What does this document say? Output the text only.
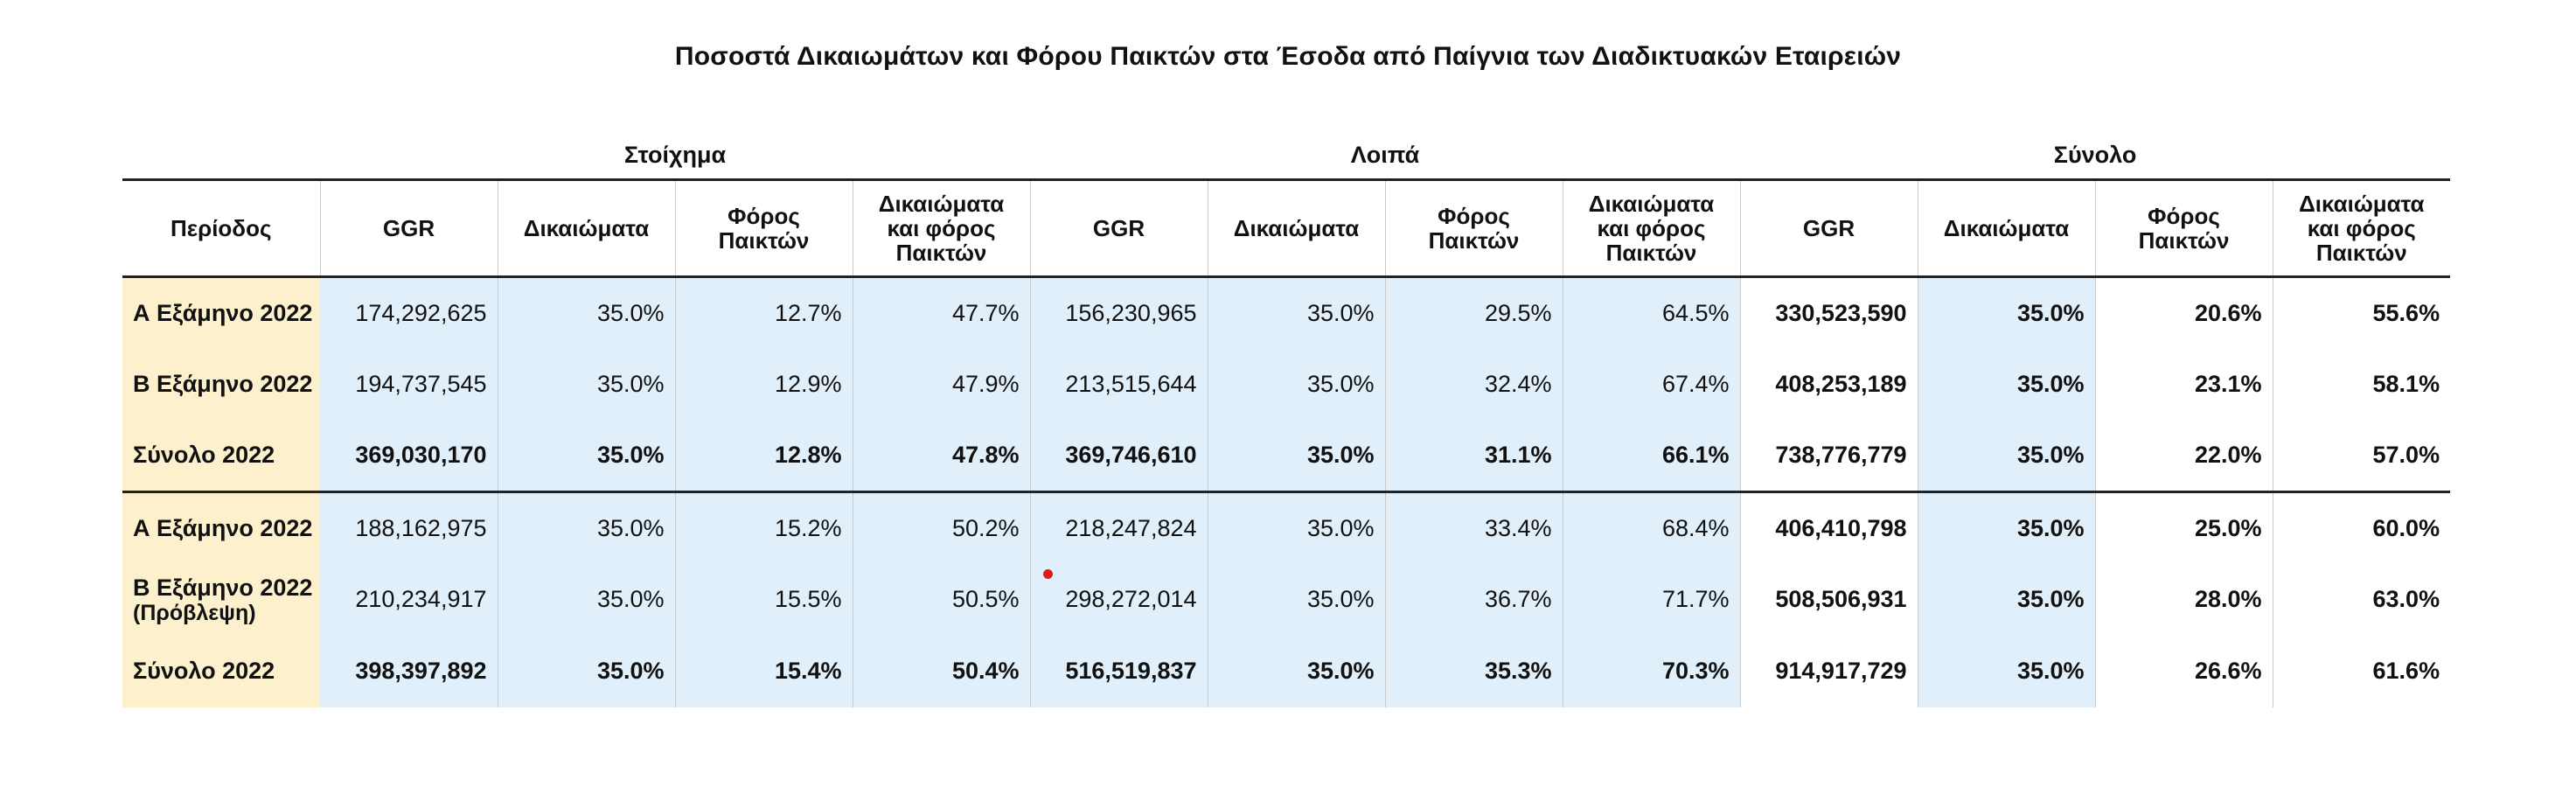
Ποσοστά Δικαιωμάτων και Φόρου Παικτών στα Έσοδα από Παίγνια των Διαδικτυακών Εταιρειών
	Στοίχημα				Λοιπά				Σύνολο			
Περίοδος	GGR	Δικαιώματα	Φόρος Παικτών	Δικαιώματα και φόρος Παικτών	GGR	Δικαιώματα	Φόρος Παικτών	Δικαιώματα και φόρος Παικτών	GGR	Δικαιώματα	Φόρος Παικτών	Δικαιώματα και φόρος Παικτών
Α Εξάμηνο 2022	174,292,625	35.0%	12.7%	47.7%	156,230,965	35.0%	29.5%	64.5%	330,523,590	35.0%	20.6%	55.6%
Β Εξάμηνο 2022	194,737,545	35.0%	12.9%	47.9%	213,515,644	35.0%	32.4%	67.4%	408,253,189	35.0%	23.1%	58.1%
Σύνολο 2022	369,030,170	35.0%	12.8%	47.8%	369,746,610	35.0%	31.1%	66.1%	738,776,779	35.0%	22.0%	57.0%
Α Εξάμηνο 2022	188,162,975	35.0%	15.2%	50.2%	218,247,824	35.0%	33.4%	68.4%	406,410,798	35.0%	25.0%	60.0%
Β Εξάμηνο 2022
(Πρόβλεψη)	210,234,917	35.0%	15.5%	50.5%	298,272,014	35.0%	36.7%	71.7%	508,506,931	35.0%	28.0%	63.0%
Σύνολο 2022	398,397,892	35.0%	15.4%	50.4%	516,519,837	35.0%	35.3%	70.3%	914,917,729	35.0%	26.6%	61.6%
